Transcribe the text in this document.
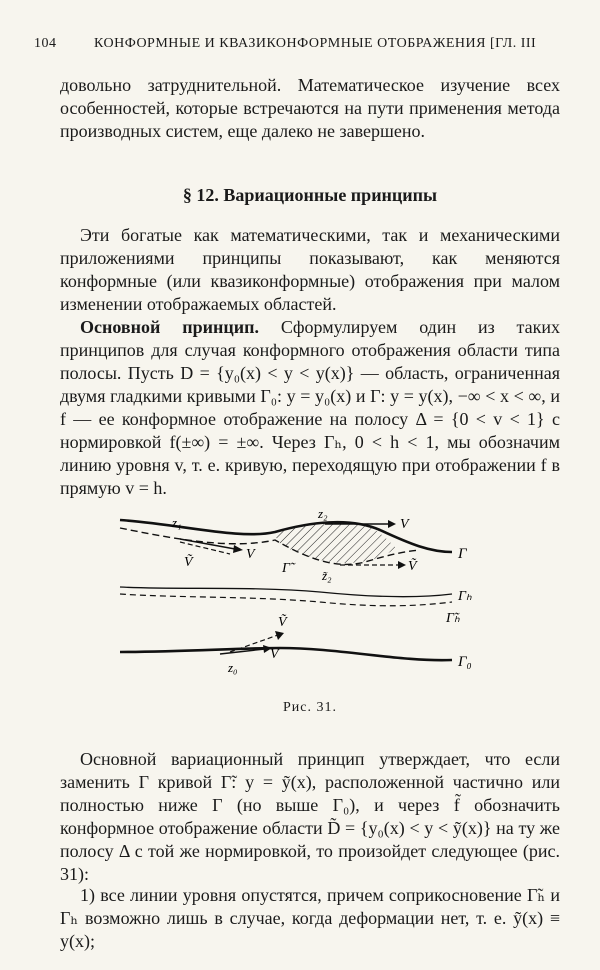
104	КОНФОРМНЫЕ И КВАЗИКОНФОРМНЫЕ ОТОБРАЖЕНИЯ [ГЛ. III

довольно затруднительной. Математическое изучение всех особенностей, которые встречаются на пути применения метода производных систем, еще далеко не завершено.

§ 12. Вариационные принципы

Эти богатые как математическими, так и механическими приложениями принципы показывают, как меняются конформные (или квазиконформные) отображения при малом изменении отображаемых областей.

Основной принцип. Сформулируем один из таких принципов для случая конформного отображения области типа полосы. Пусть D = {y₀(x) < y < y(x)} — область, ограниченная двумя гладкими кривыми Γ₀: y = y₀(x) и Γ: y = y(x), −∞ < x < ∞, и f — ее конформное отображение на полосу Δ = {0 < v < 1} с нормировкой f(±∞) = ±∞. Через Γₕ, 0 < h < 1, мы обозначим линию уровня v, т. е. кривую, переходящую при отображении f в прямую v = h.

z₁
z₂
V
V
Ṽ	Γ̃	z̃₂
Ṽ
Γ
Γₕ
Γ̃ₕ
Ṽ
V
z₀	Γ₀
Рис. 31.

Основной вариационный принцип утверждает, что если заменить Γ кривой Γ̃: y = ỹ(x), расположенной частично или полностью ниже Γ (но выше Γ₀), и через f̃ обозначить конформное отображение области D̃ = {y₀(x) < y < ỹ(x)} на ту же полосу Δ с той же нормировкой, то произойдет следующее (рис. 31):

1) все линии уровня опустятся, причем соприкосновение Γ̃ₕ и Γₕ возможно лишь в случае, когда деформации нет, т. е. ỹ(x) ≡ y(x);
